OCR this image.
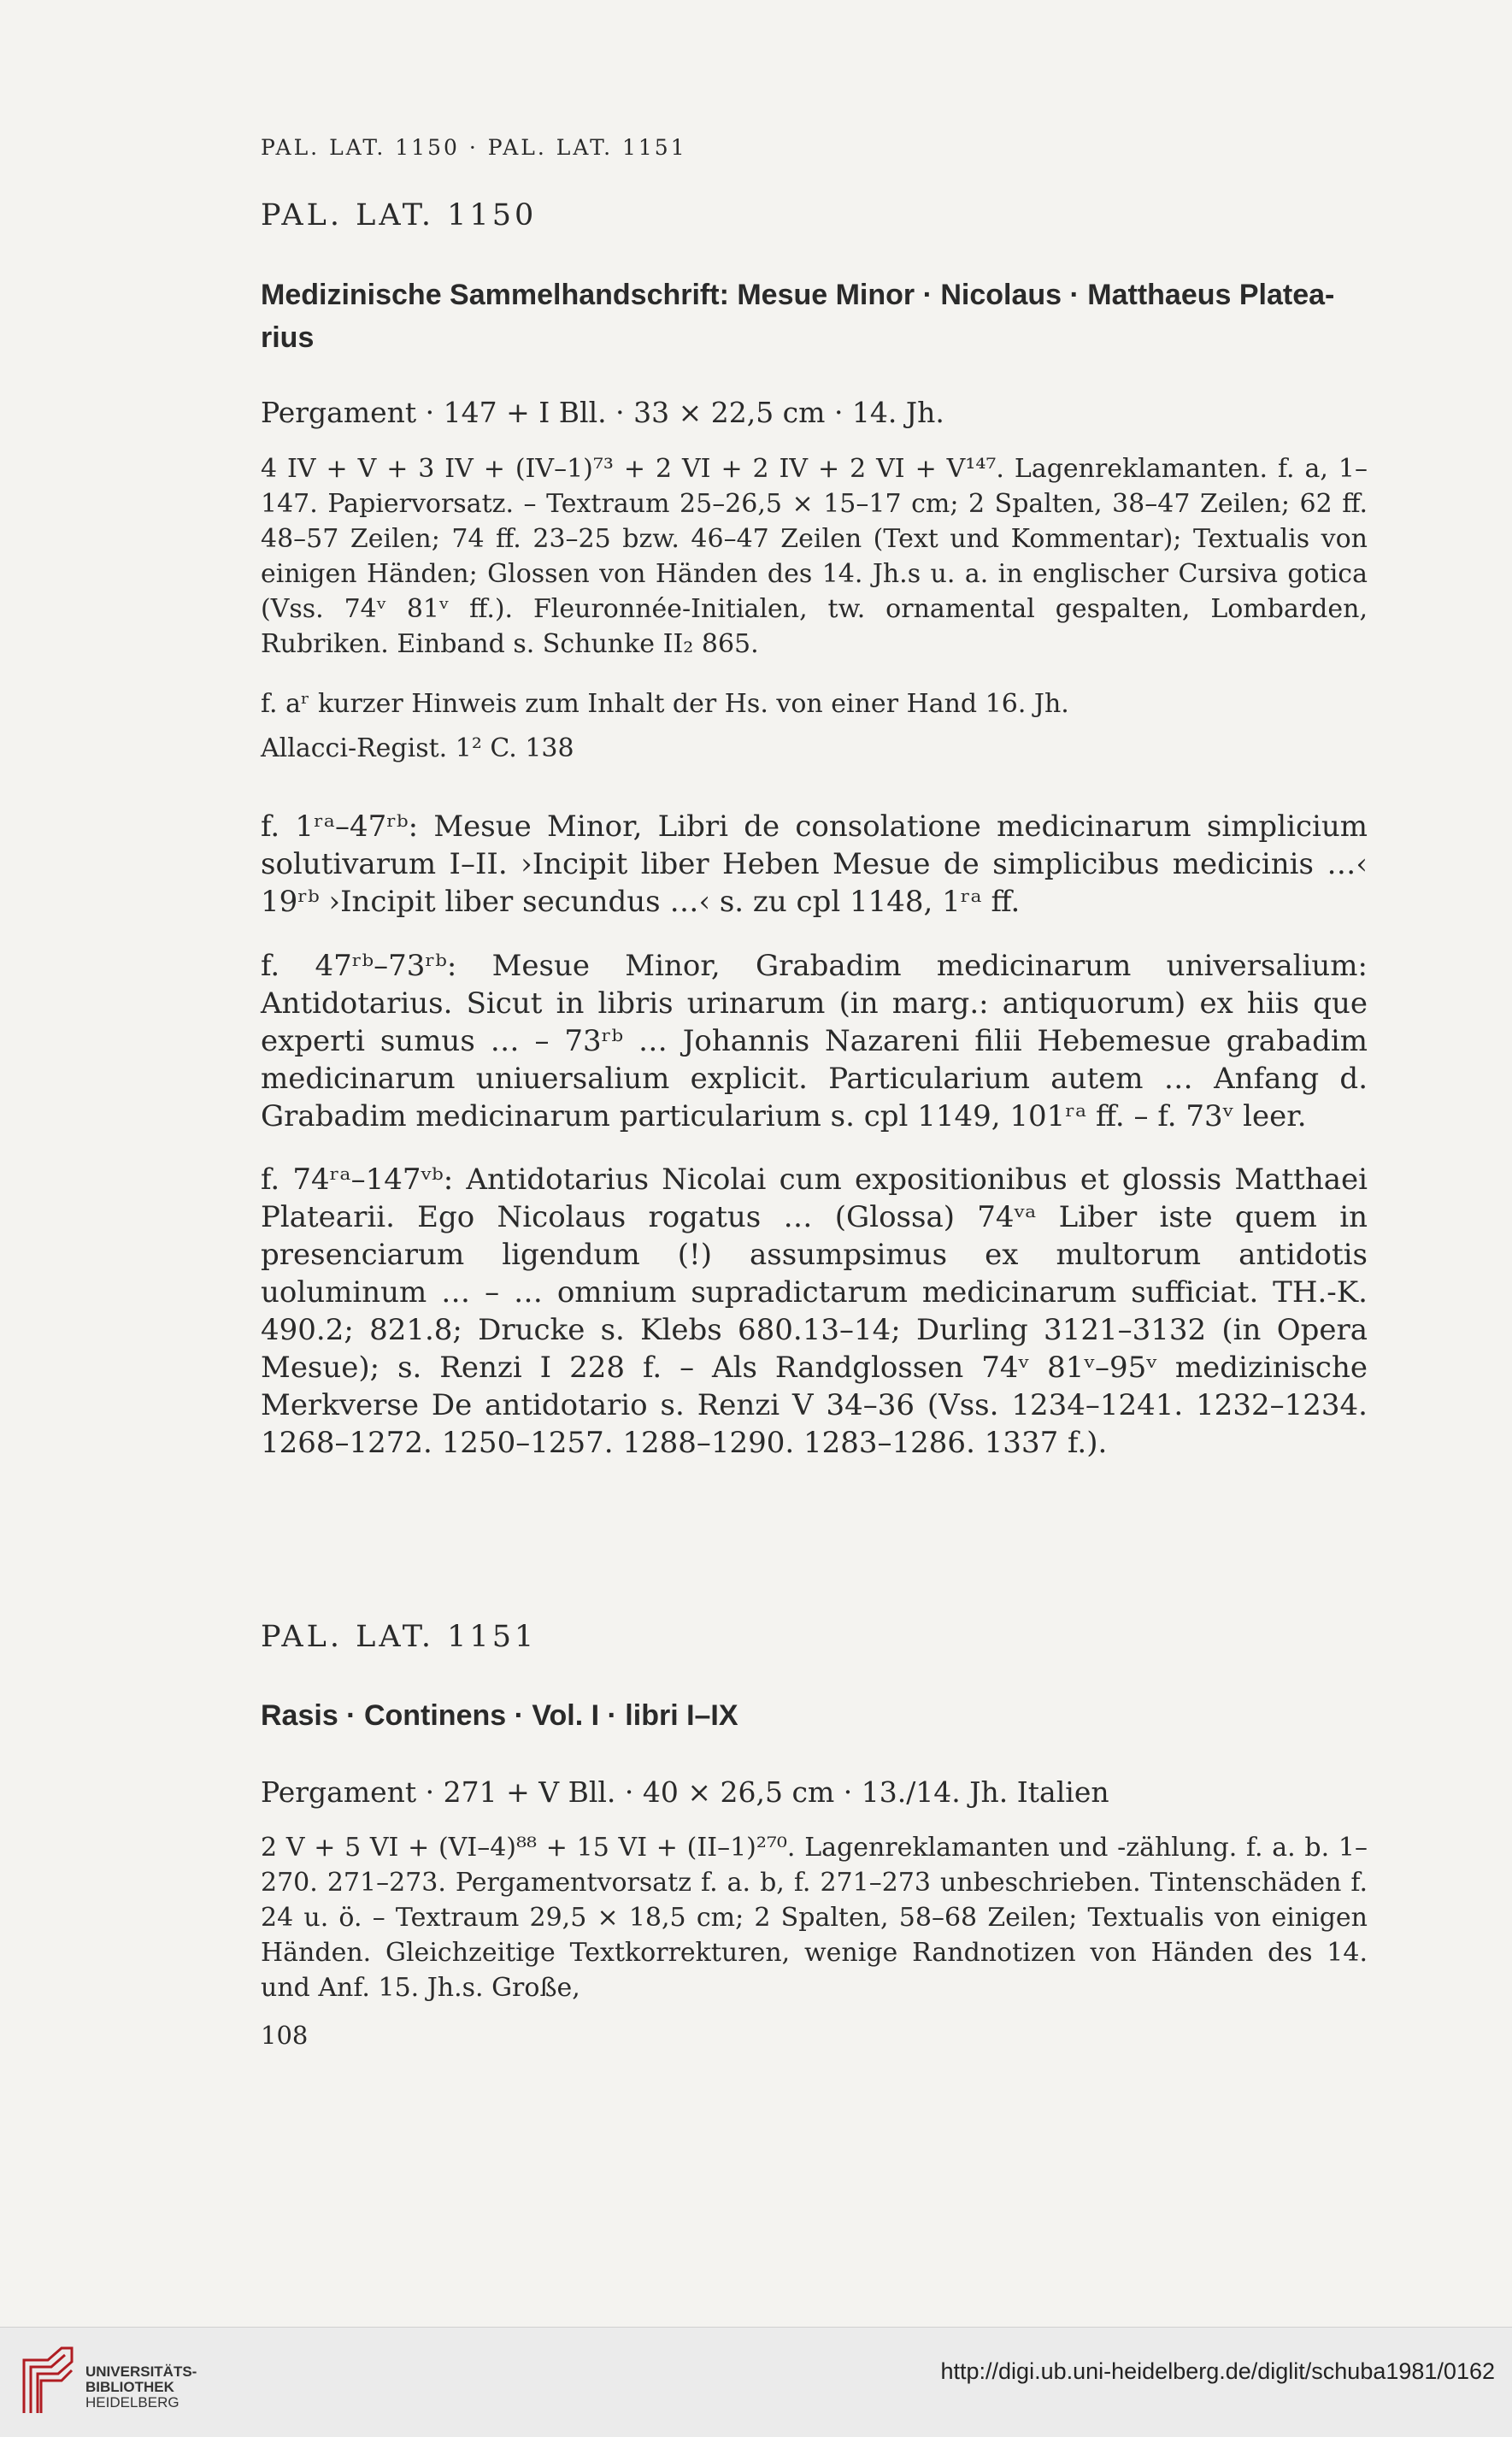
PAL. LAT. 1150 · PAL. LAT. 1151
PAL. LAT. 1150
Medizinische Sammelhandschrift: Mesue Minor · Nicolaus · Matthaeus Platea-rius
Pergament · 147 + I Bll. · 33 × 22,5 cm · 14. Jh.
4 IV + V + 3 IV + (IV–1)⁷³ + 2 VI + 2 IV + 2 VI + V¹⁴⁷. Lagenreklamanten. f. a, 1–147. Papiervorsatz. – Textraum 25–26,5 × 15–17 cm; 2 Spalten, 38–47 Zeilen; 62 ff. 48–57 Zeilen; 74 ff. 23–25 bzw. 46–47 Zeilen (Text und Kommentar); Textualis von einigen Händen; Glossen von Händen des 14. Jh.s u. a. in englischer Cursiva gotica (Vss. 74ᵛ 81ᵛ ff.). Fleuronnée-Initialen, tw. ornamental gespalten, Lombarden, Rubriken. Einband s. Schunke II₂ 865.
f. aʳ kurzer Hinweis zum Inhalt der Hs. von einer Hand 16. Jh.
Allacci-Regist. 1² C. 138
f. 1ʳᵃ–47ʳᵇ: Mesue Minor, Libri de consolatione medicinarum simplicium solutivarum I–II. ›Incipit liber Heben Mesue de simplicibus medicinis …‹ 19ʳᵇ ›Incipit liber secundus …‹ s. zu cpl 1148, 1ʳᵃ ff.
f. 47ʳᵇ–73ʳᵇ: Mesue Minor, Grabadim medicinarum universalium: Antidotarius. Sicut in libris urinarum (in marg.: antiquorum) ex hiis que experti sumus … – 73ʳᵇ … Johannis Nazareni filii Hebemesue grabadim medicinarum uniuersalium explicit. Particularium autem … Anfang d. Grabadim medicinarum particularium s. cpl 1149, 101ʳᵃ ff. – f. 73ᵛ leer.
f. 74ʳᵃ–147ᵛᵇ: Antidotarius Nicolai cum expositionibus et glossis Matthaei Platearii. Ego Nicolaus rogatus … (Glossa) 74ᵛᵃ Liber iste quem in presenciarum ligendum (!) assumpsimus ex multorum antidotis uoluminum … – … omnium supradictarum medicinarum sufficiat. TH.-K. 490.2; 821.8; Drucke s. Klebs 680.13–14; Durling 3121–3132 (in Opera Mesue); s. Renzi I 228 f. – Als Randglossen 74ᵛ 81ᵛ–95ᵛ medizinische Merkverse De antidotario s. Renzi V 34–36 (Vss. 1234–1241. 1232–1234. 1268–1272. 1250–1257. 1288–1290. 1283–1286. 1337 f.).
PAL. LAT. 1151
Rasis · Continens · Vol. I · libri I–IX
Pergament · 271 + V Bll. · 40 × 26,5 cm · 13./14. Jh. Italien
2 V + 5 VI + (VI–4)⁸⁸ + 15 VI + (II–1)²⁷⁰. Lagenreklamanten und -zählung. f. a. b. 1–270. 271–273. Pergamentvorsatz f. a. b, f. 271–273 unbeschrieben. Tintenschäden f. 24 u. ö. – Textraum 29,5 × 18,5 cm; 2 Spalten, 58–68 Zeilen; Textualis von einigen Händen. Gleichzeitige Textkorrekturen, wenige Randnotizen von Händen des 14. und Anf. 15. Jh.s. Große,
108
UNIVERSITÄTS-
BIBLIOTHEK
HEIDELBERG
http://digi.ub.uni-heidelberg.de/diglit/schuba1981/0162
